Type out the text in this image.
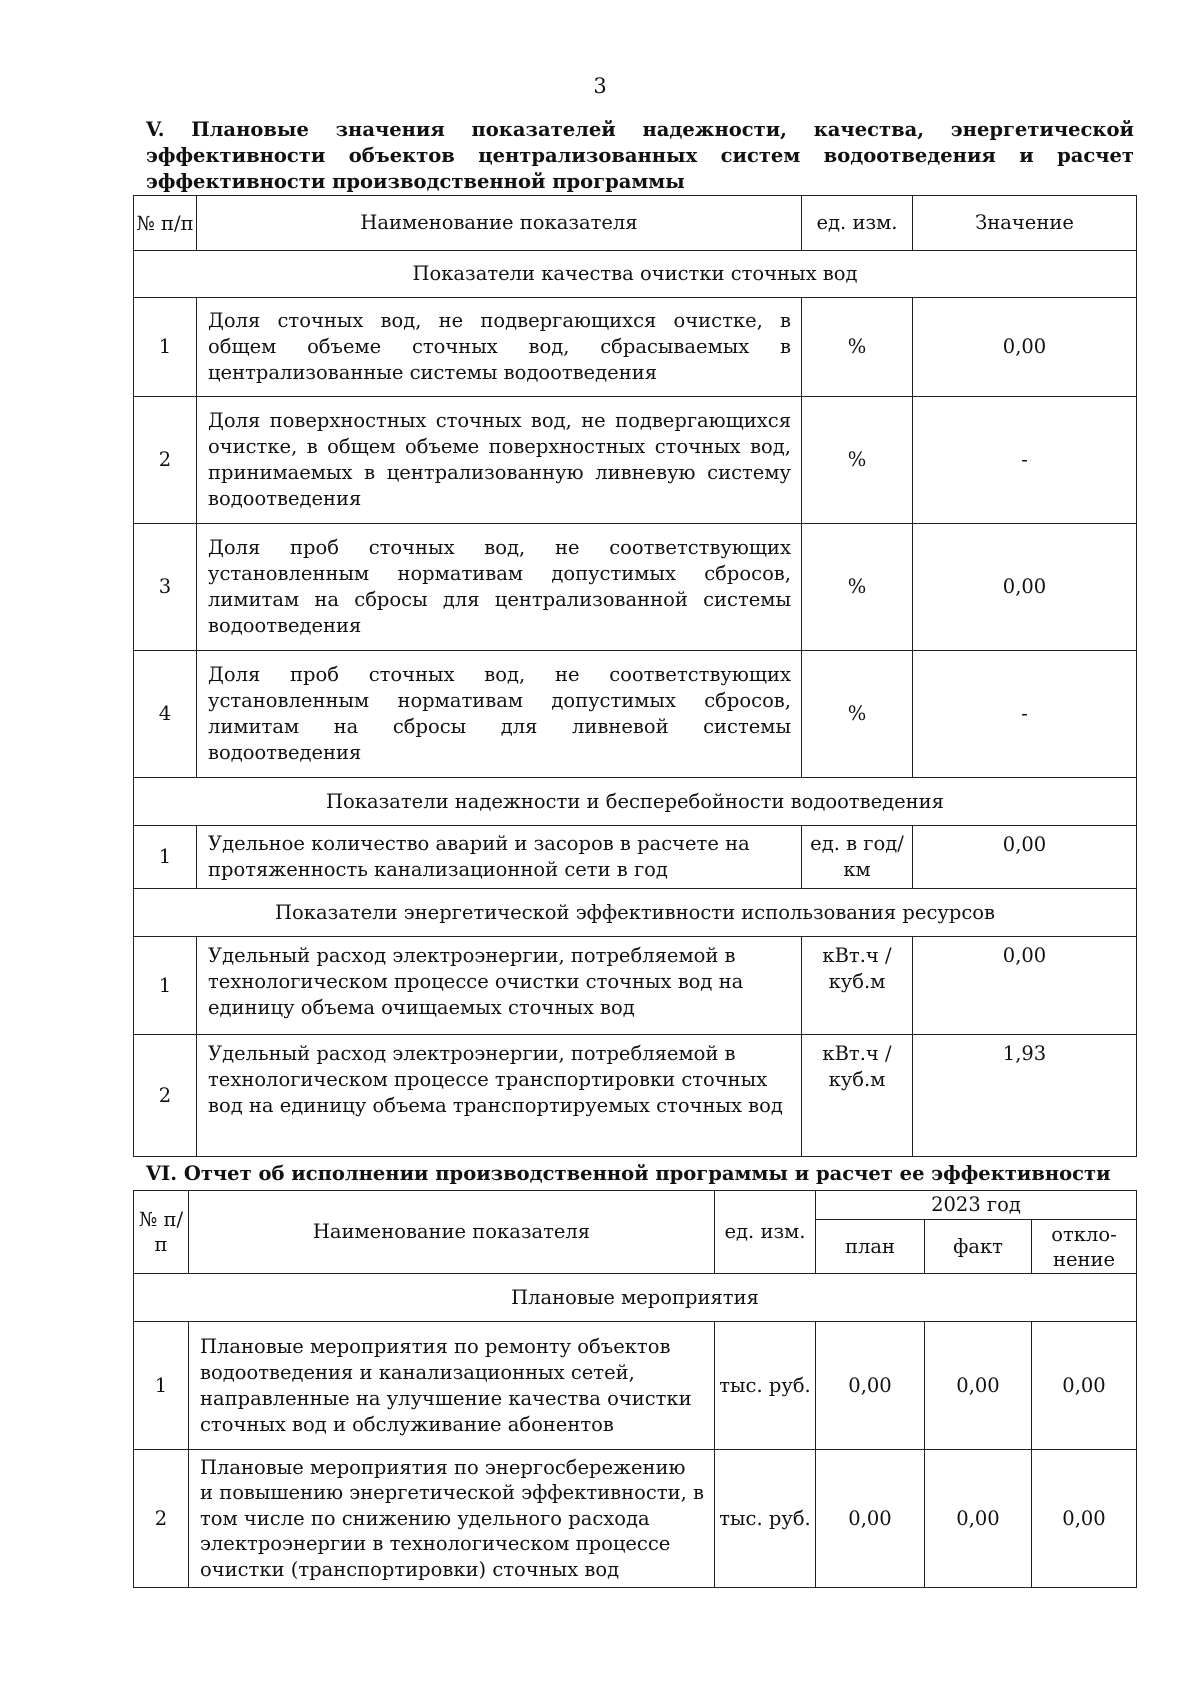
3
V. Плановые значения показателей надежности, качества, энергетической эффективности объектов централизованных систем водоотведения и расчет эффективности производственной программы
№ п/п	Наименование показателя	ед. изм.	Значение
Показатели качества очистки сточных вод			
1	Доля сточных вод, не подвергающихся очистке, в общем объеме сточных вод, сбрасываемых в централизованные системы водоотведения	%	0,00
2	Доля поверхностных сточных вод, не подвергающихся очистке, в общем объеме поверхностных сточных вод, принимаемых в централизованную ливневую систему водоотведения	%	-
3	Доля проб сточных вод, не соответствующих установленным нормативам допустимых сбросов, лимитам на сбросы для централизованной системы водоотведения	%	0,00
4	Доля проб сточных вод, не соответствующих установленным нормативам допустимых сбросов, лимитам на сбросы для ливневой системы водоотведения	%	-
Показатели надежности и бесперебойности водоотведения			
1	Удельное количество аварий и засоров в расчете на протяженность канализационной сети в год	ед. в год/ км	0,00
Показатели энергетической эффективности использования ресурсов			
1	Удельный расход электроэнергии, потребляемой в технологическом процессе очистки сточных вод на единицу объема очищаемых сточных вод	кВт.ч / куб.м	0,00
2	Удельный расход электроэнергии, потребляемой в технологическом процессе транспортировки сточных вод на единицу объема транспортируемых сточных вод	кВт.ч / куб.м	1,93
VI. Отчет об исполнении производственной программы и расчет ее эффективности
№ п/п	Наименование показателя	ед. изм.	2023 год		
			план	факт	откло-нение
Плановые мероприятия					
1	Плановые мероприятия по ремонту объектов водоотведения и канализационных сетей, направленные на улучшение качества очистки сточных вод и обслуживание абонентов	тыс. руб.	0,00	0,00	0,00
2	Плановые мероприятия по энергосбережению и повышению энергетической эффективности, в том числе по снижению удельного расхода электроэнергии в технологическом процессе очистки (транспортировки) сточных вод	тыс. руб.	0,00	0,00	0,00
